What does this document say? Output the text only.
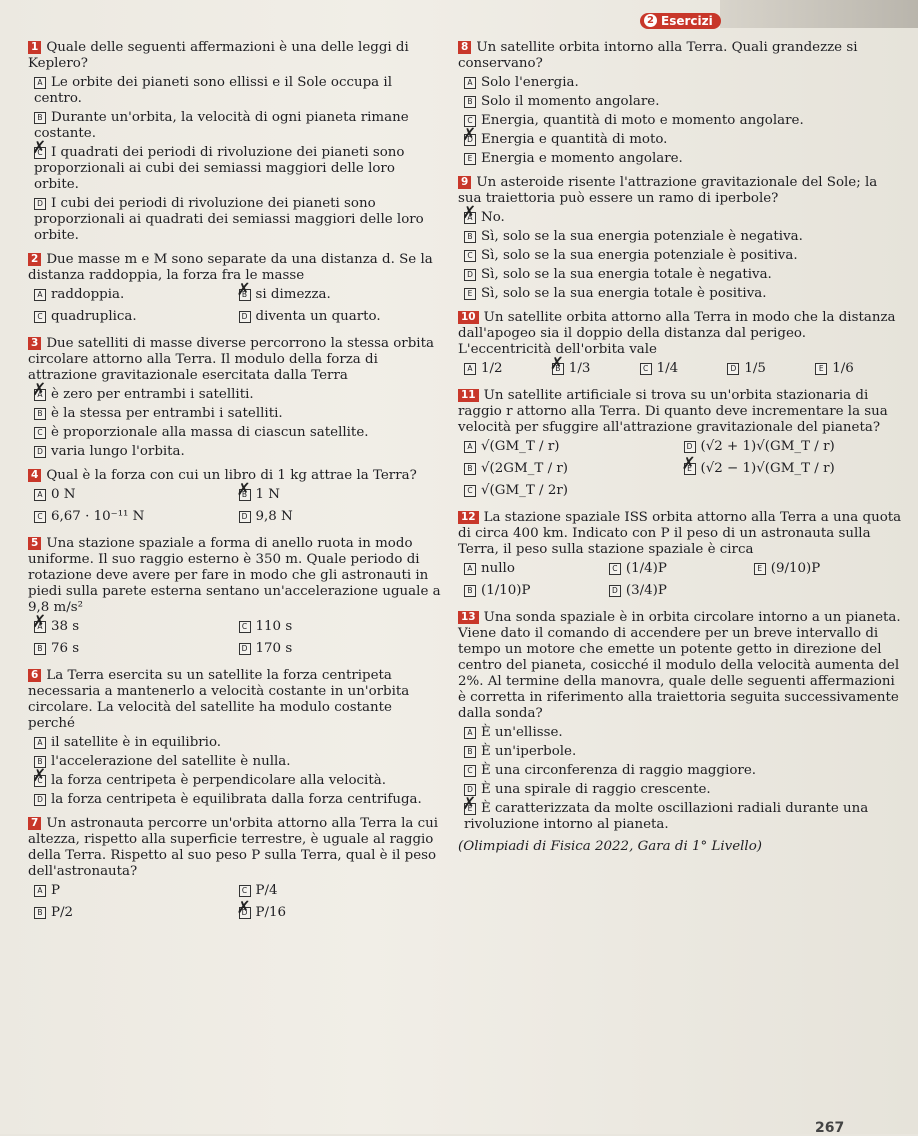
2 Esercizi
1 Quale delle seguenti affermazioni è una delle leggi di Keplero?
A Le orbite dei pianeti sono ellissi e il Sole occupa il centro.
B Durante un'orbita, la velocità di ogni pianeta rimane costante.
C ✗ I quadrati dei periodi di rivoluzione dei pianeti sono proporzionali ai cubi dei semiassi maggiori delle loro orbite.
D I cubi dei periodi di rivoluzione dei pianeti sono proporzionali ai quadrati dei semiassi maggiori delle loro orbite.
2 Due masse m e M sono separate da una distanza d. Se la distanza raddoppia, la forza fra le masse
A raddoppia.	B ✗ si dimezza.
C quadruplica.	D diventa un quarto.
3 Due satelliti di masse diverse percorrono la stessa orbita circolare attorno alla Terra. Il modulo della forza di attrazione gravitazionale esercitata dalla Terra
A ✗ è zero per entrambi i satelliti.
B è la stessa per entrambi i satelliti.
C è proporzionale alla massa di ciascun satellite.
D varia lungo l'orbita.
4 Qual è la forza con cui un libro di 1 kg attrae la Terra?
A 0 N	B ✗ 1 N
C 6,67 · 10⁻¹¹ N	D 9,8 N
5 Una stazione spaziale a forma di anello ruota in modo uniforme. Il suo raggio esterno è 350 m. Quale periodo di rotazione deve avere per fare in modo che gli astronauti in piedi sulla parete esterna sentano un'accelerazione uguale a 9,8 m/s²
A ✗ 38 s	C 110 s
B 76 s	D 170 s
6 La Terra esercita su un satellite la forza centripeta necessaria a mantenerlo a velocità costante in un'orbita circolare. La velocità del satellite ha modulo costante perché
A il satellite è in equilibrio.
B l'accelerazione del satellite è nulla.
C ✗ la forza centripeta è perpendicolare alla velocità.
D la forza centripeta è equilibrata dalla forza centrifuga.
7 Un astronauta percorre un'orbita attorno alla Terra la cui altezza, rispetto alla superficie terrestre, è uguale al raggio della Terra. Rispetto al suo peso P sulla Terra, qual è il peso dell'astronauta?
A P	C P/4
B P/2	D ✗ P/16
8 Un satellite orbita intorno alla Terra. Quali grandezze si conservano?
A Solo l'energia.
B Solo il momento angolare.
C Energia, quantità di moto e momento angolare.
D ✗ Energia e quantità di moto.
E Energia e momento angolare.
9 Un asteroide risente l'attrazione gravitazionale del Sole; la sua traiettoria può essere un ramo di iperbole?
A ✗ No.
B Sì, solo se la sua energia potenziale è negativa.
C Sì, solo se la sua energia potenziale è positiva.
D Sì, solo se la sua energia totale è negativa.
E Sì, solo se la sua energia totale è positiva.
10 Un satellite orbita attorno alla Terra in modo che la distanza dall'apogeo sia il doppio della distanza dal perigeo. L'eccentricità dell'orbita vale
A 1/2	B ✗ 1/3	C 1/4	D 1/5	E 1/6
11 Un satellite artificiale si trova su un'orbita stazionaria di raggio r attorno alla Terra. Di quanto deve incrementare la sua velocità per sfuggire all'attrazione gravitazionale del pianeta?
A √(GM_T / r)	D (√2 + 1)√(GM_T / r)
B √(2GM_T / r)	E ✗ (√2 − 1)√(GM_T / r)
C √(GM_T / 2r)
12 La stazione spaziale ISS orbita attorno alla Terra a una quota di circa 400 km. Indicato con P il peso di un astronauta sulla Terra, il peso sulla stazione spaziale è circa
A nullo	C (1/4)P	E (9/10)P
B (1/10)P	D (3/4)P
13 Una sonda spaziale è in orbita circolare intorno a un pianeta. Viene dato il comando di accendere per un breve intervallo di tempo un motore che emette un potente getto in direzione del centro del pianeta, cosicché il modulo della velocità aumenta del 2%. Al termine della manovra, quale delle seguenti affermazioni è corretta in riferimento alla traiettoria seguita successivamente dalla sonda?
A È un'ellisse.
B È un'iperbole.
C È una circonferenza di raggio maggiore.
D È una spirale di raggio crescente.
E ✗ È caratterizzata da molte oscillazioni radiali durante una rivoluzione intorno al pianeta.
(Olimpiadi di Fisica 2022, Gara di 1° Livello)
267
